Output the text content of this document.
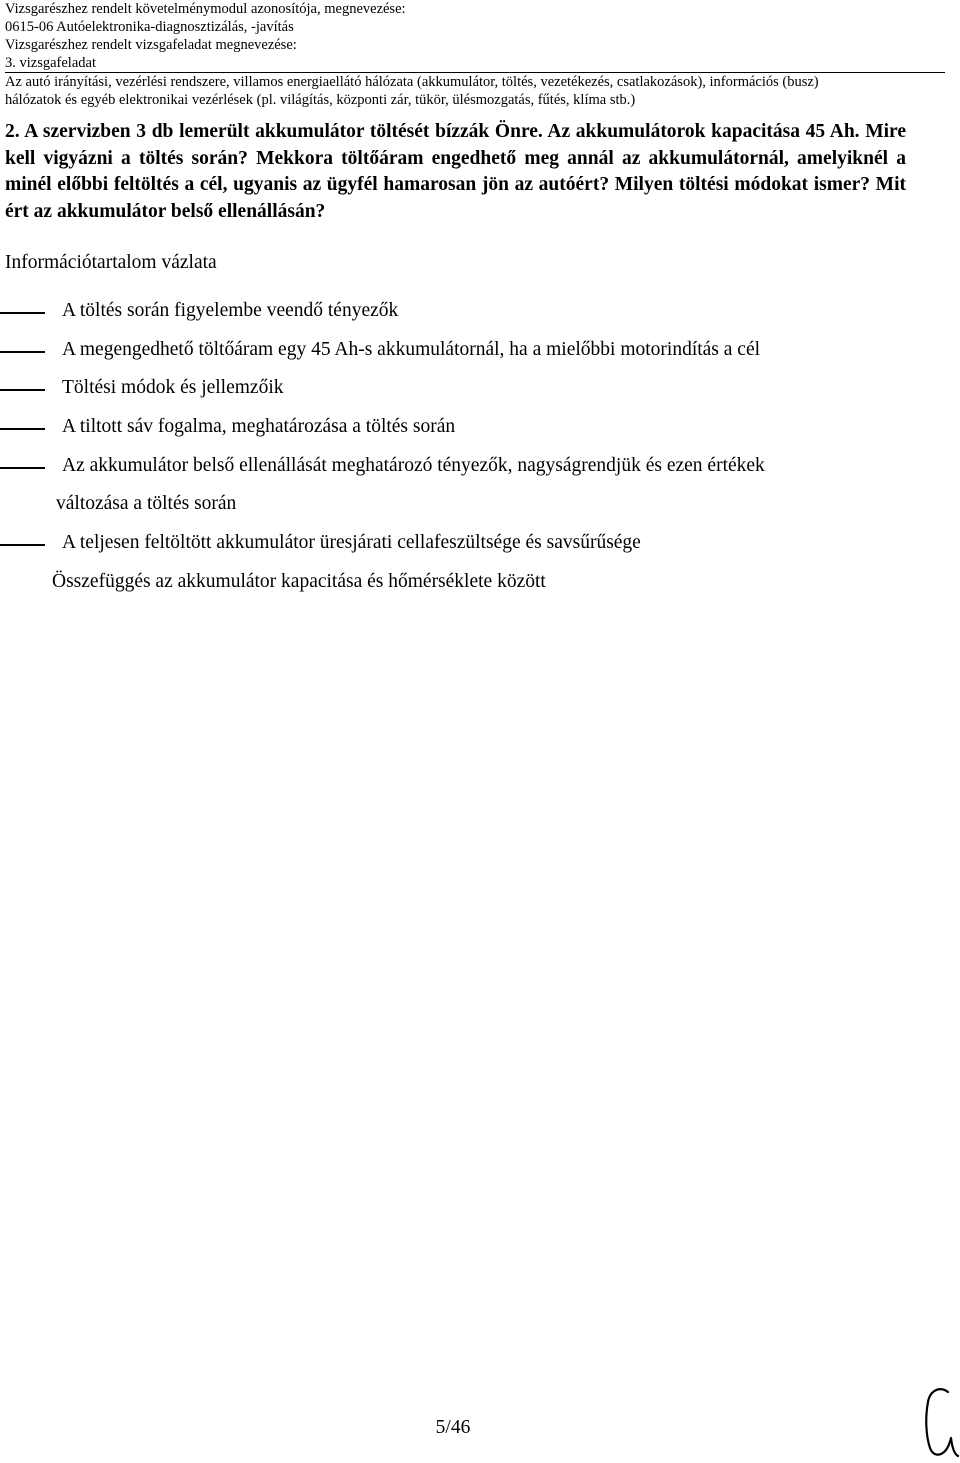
Vizsgarészhez rendelt követelménymodul azonosítója, megnevezése:
0615-06 Autóelektronika-diagnosztizálás, -javítás
Vizsgarészhez rendelt vizsgafeladat megnevezése:
3. vizsgafeladat
Az autó irányítási, vezérlési rendszere, villamos energiaellátó hálózata (akkumulátor, töltés, vezetékezés, csatlakozások), információs (busz)
hálózatok és egyéb elektronikai vezérlések (pl. világítás, központi zár, tükör, ülésmozgatás, fűtés, klíma stb.)
2. A szervizben 3 db lemerült akkumulátor töltését bízzák Önre. Az akkumulátorok kapacitása 45 Ah. Mire kell vigyázni a töltés során? Mekkora töltőáram engedhető meg annál az akkumulátornál, amelyiknél a minél előbbi feltöltés a cél, ugyanis az ügyfél hamarosan jön az autóért? Milyen töltési módokat ismer? Mit ért az akkumulátor belső ellenállásán?
Információtartalom vázlata
A töltés során figyelembe veendő tényezők
A megengedhető töltőáram egy 45 Ah-s akkumulátornál, ha a mielőbbi motorindítás a cél
Töltési módok és jellemzőik
A tiltott sáv fogalma, meghatározása a töltés során
Az akkumulátor belső ellenállását meghatározó tényezők, nagyságrendjük és ezen értékek
változása a töltés során
A teljesen feltöltött akkumulátor üresjárati cellafeszültsége és savsűrűsége
Összefüggés az akkumulátor kapacitása és hőmérséklete között
5/46
